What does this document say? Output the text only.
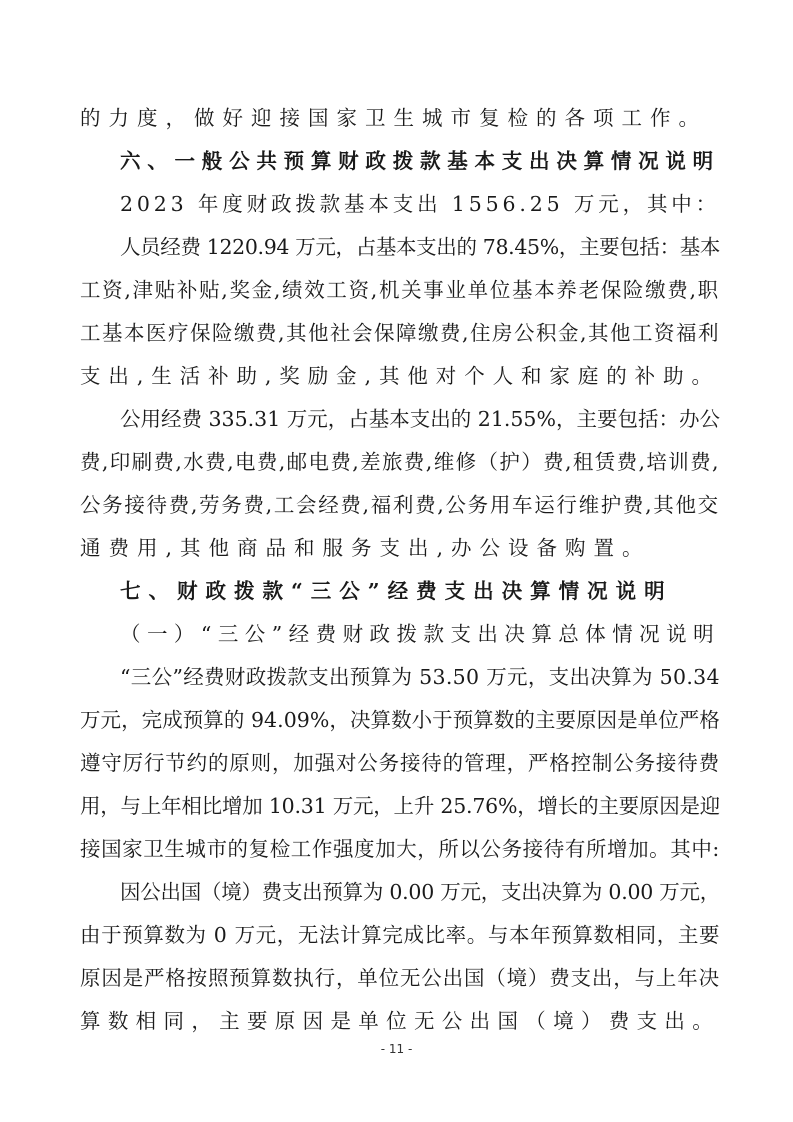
的力度，做好迎接国家卫生城市复检的各项工作。
六、一般公共预算财政拨款基本支出决算情况说明
2023 年度财政拨款基本支出 1556.25 万元，其中：
人员经费 1220.94 万元，占基本支出的 78.45%，主要包括：基本
工资,津贴补贴,奖金,绩效工资,机关事业单位基本养老保险缴费,职
工基本医疗保险缴费,其他社会保障缴费,住房公积金,其他工资福利
支出,生活补助,奖励金,其他对个人和家庭的补助。
公用经费 335.31 万元，占基本支出的 21.55%，主要包括：办公
费,印刷费,水费,电费,邮电费,差旅费,维修（护）费,租赁费,培训费,
公务接待费,劳务费,工会经费,福利费,公务用车运行维护费,其他交
通费用,其他商品和服务支出,办公设备购置。
七、财政拨款“三公”经费支出决算情况说明
（一）“三公”经费财政拨款支出决算总体情况说明
“三公”经费财政拨款支出预算为 53.50 万元，支出决算为 50.34
万元，完成预算的 94.09%，决算数小于预算数的主要原因是单位严格
遵守厉行节约的原则，加强对公务接待的管理，严格控制公务接待费
用，与上年相比增加 10.31 万元，上升 25.76%，增长的主要原因是迎
接国家卫生城市的复检工作强度加大，所以公务接待有所增加。其中:
因公出国（境）费支出预算为 0.00 万元，支出决算为 0.00 万元，
由于预算数为 0 万元，无法计算完成比率。与本年预算数相同，主要
原因是严格按照预算数执行，单位无公出国（境）费支出，与上年决
算数相同，主要原因是单位无公出国（境）费支出。
- 11 -
